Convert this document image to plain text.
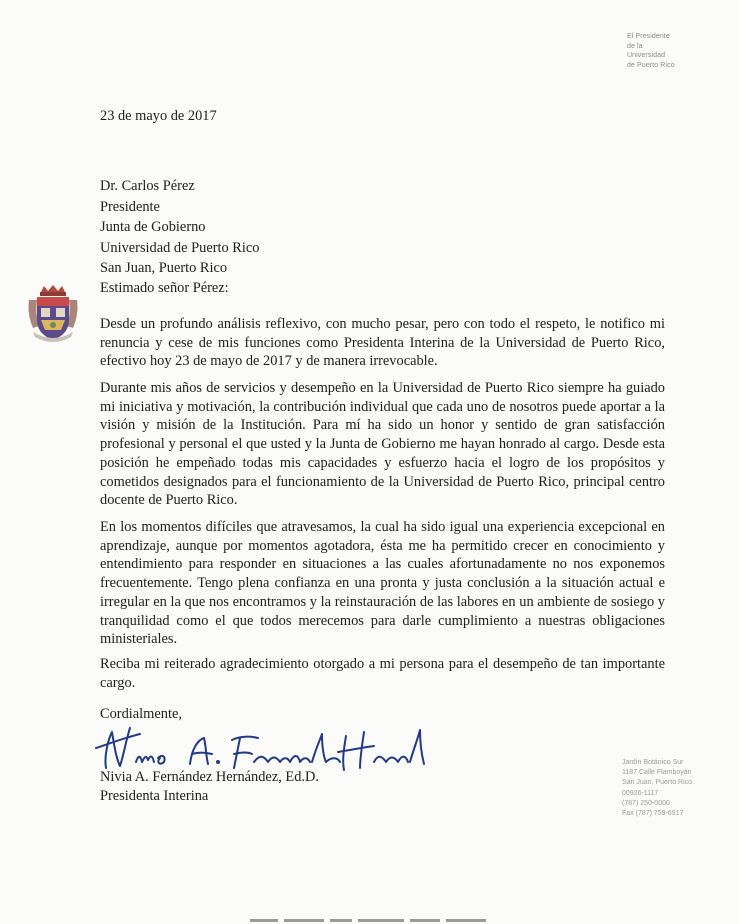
El Presidente
de la
Universidad
de Puerto Rico
23 de mayo de 2017
Dr. Carlos Pérez
Presidente
Junta de Gobierno
Universidad de Puerto Rico
San Juan, Puerto Rico
Estimado señor Pérez:
Desde un profundo análisis reflexivo, con mucho pesar, pero con todo el respeto, le notifico mi renuncia y cese de mis funciones como Presidenta Interina de la Universidad de Puerto Rico, efectivo hoy 23 de mayo de 2017 y de manera irrevocable.
Durante mis años de servicios y desempeño en la Universidad de Puerto Rico siempre ha guiado mi iniciativa y motivación, la contribución individual que cada uno de nosotros puede aportar a la visión y misión de la Institución. Para mí ha sido un honor y sentido de gran satisfacción profesional y personal el que usted y la Junta de Gobierno me hayan honrado al cargo. Desde esta posición he empeñado todas mis capacidades y esfuerzo hacia el logro de los propósitos y cometidos designados para el funcionamiento de la Universidad de Puerto Rico, principal centro docente de Puerto Rico.
En los momentos difíciles que atravesamos, la cual ha sido igual una experiencia excepcional en aprendizaje, aunque por momentos agotadora, ésta me ha permitido crecer en conocimiento y entendimiento para responder en situaciones a las cuales afortunadamente no nos exponemos frecuentemente. Tengo plena confianza en una pronta y justa conclusión a la situación actual e irregular en la que nos encontramos y la reinstauración de las labores en un ambiente de sosiego y tranquilidad como el que todos merecemos para darle cumplimiento a nuestras obligaciones ministeriales.
Reciba mi reiterado agradecimiento otorgado a mi persona para el desempeño de tan importante cargo.
Cordialmente,
Nivia A. Fernández Hernández, Ed.D.
Presidenta Interina
Jardín Botánico Sur
1187 Calle Flamboyán
San Juan, Puerto Rico
00926-1117
(787) 250-0000
Fax (787) 759-6917
